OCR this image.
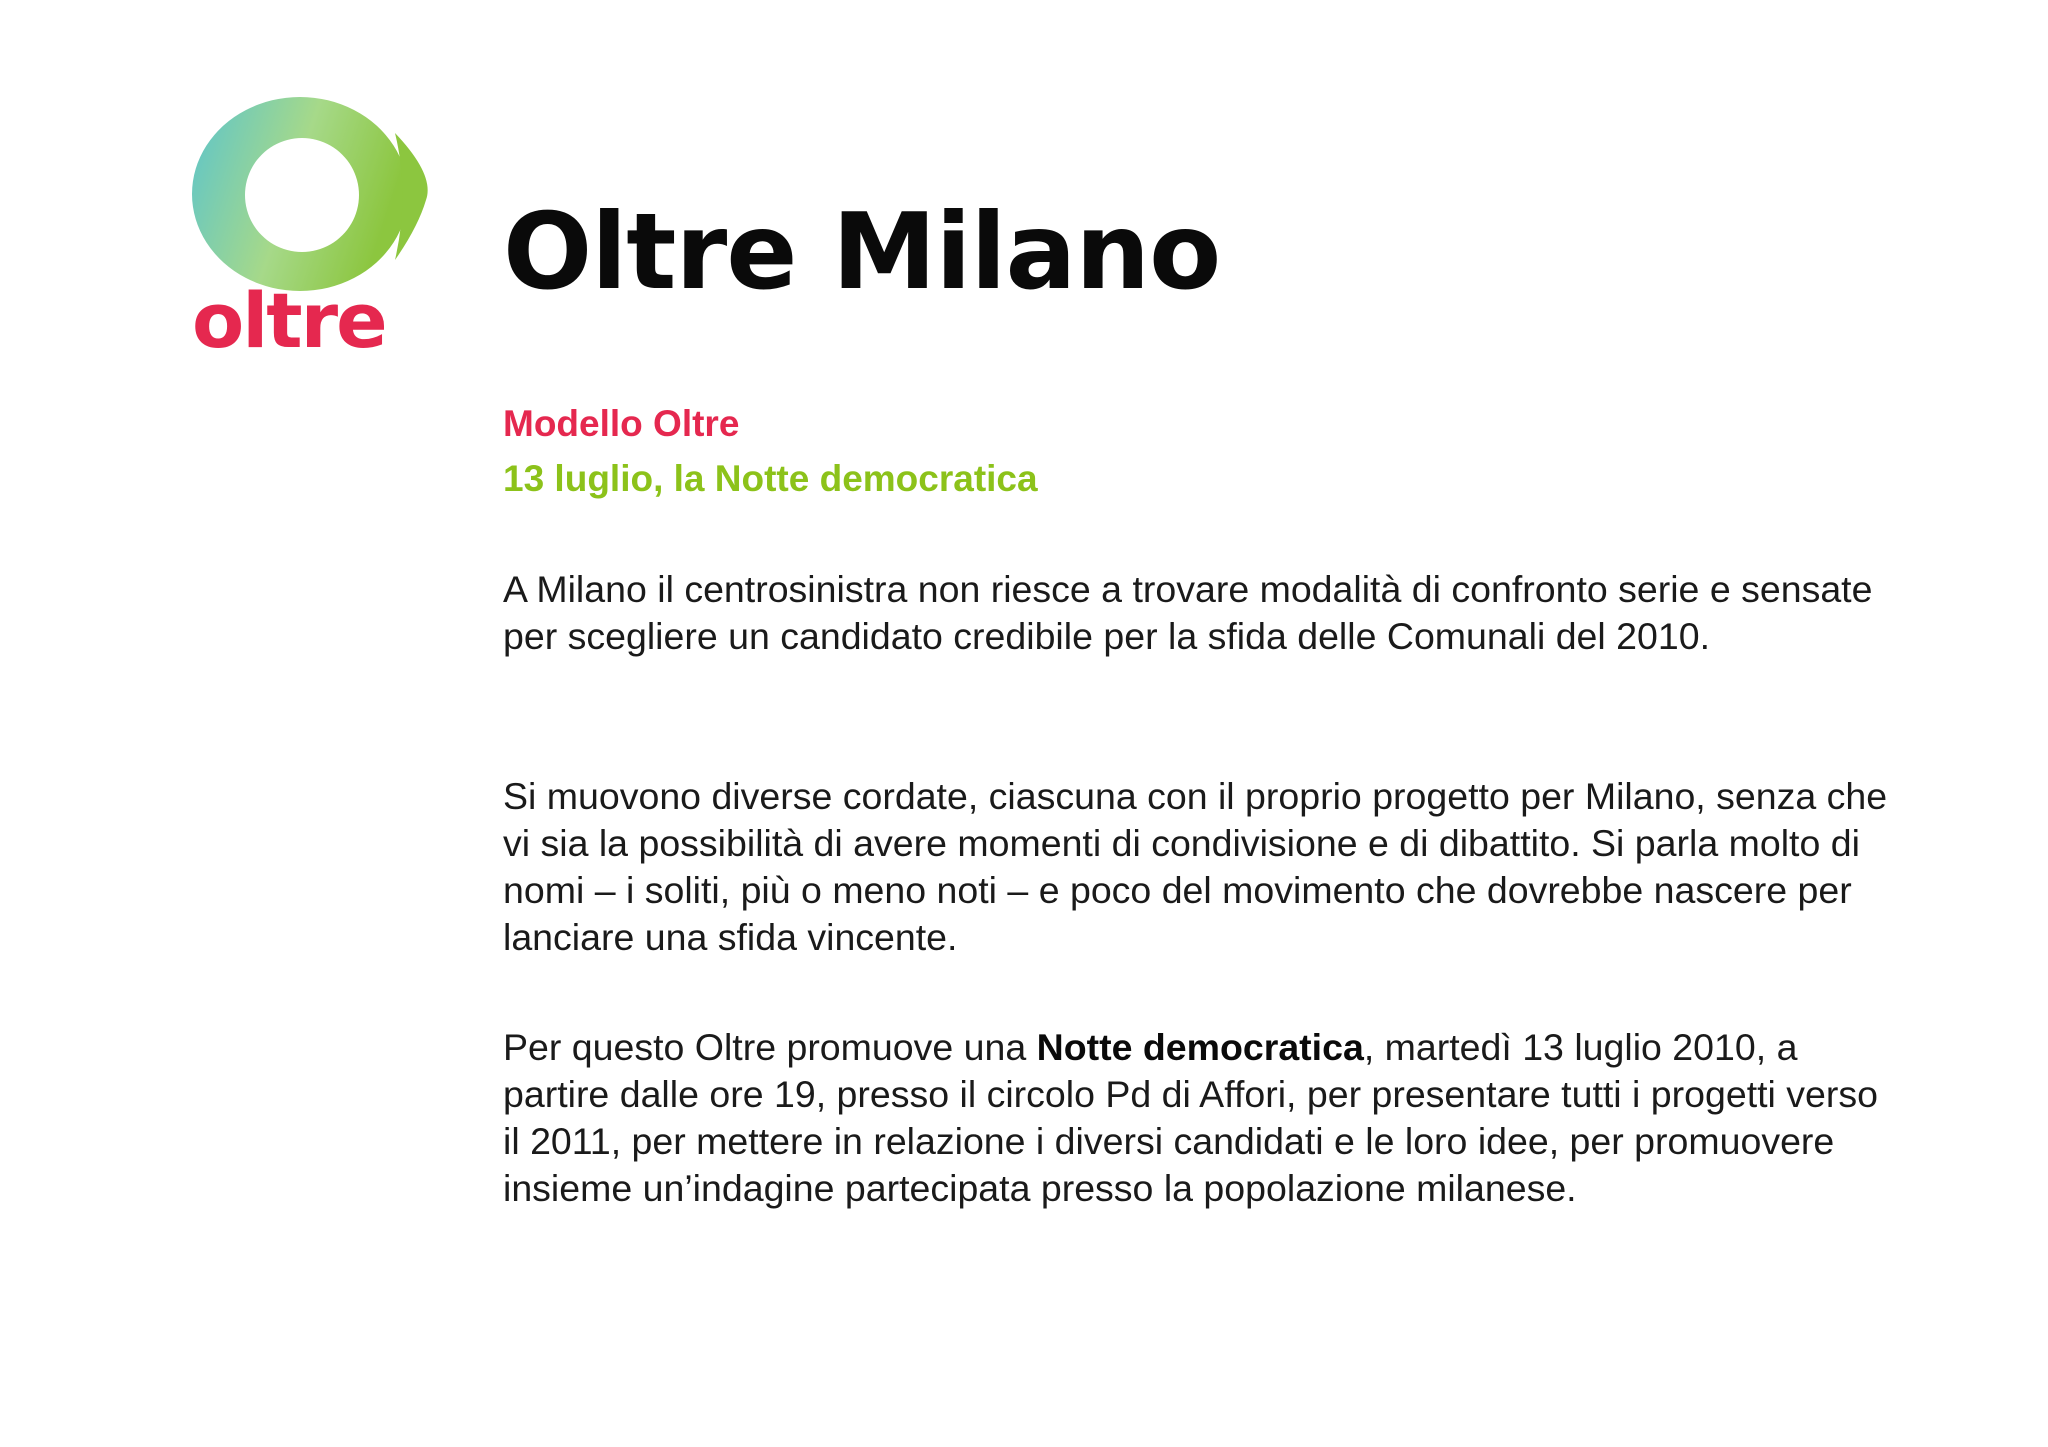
oltre
Oltre Milano

Modello Oltre

13 luglio, la Notte democratica

A Milano il centrosinistra non riesce a trovare modalità di confronto serie e sensate per scegliere un candidato credibile per la sfida delle Comunali del 2010.

Si muovono diverse cordate, ciascuna con il proprio progetto per Milano, senza che vi sia la possibilità di avere momenti di condivisione e di dibattito. Si parla molto di nomi – i soliti, più o meno noti – e poco del movimento che dovrebbe nascere per lanciare una sfida vincente.

Per questo Oltre promuove una Notte democratica, martedì 13 luglio 2010, a partire dalle ore 19, presso il circolo Pd di Affori, per presentare tutti i progetti verso il 2011, per mettere in relazione i diversi candidati e le loro idee, per promuovere insieme un’indagine partecipata presso la popolazione milanese.
